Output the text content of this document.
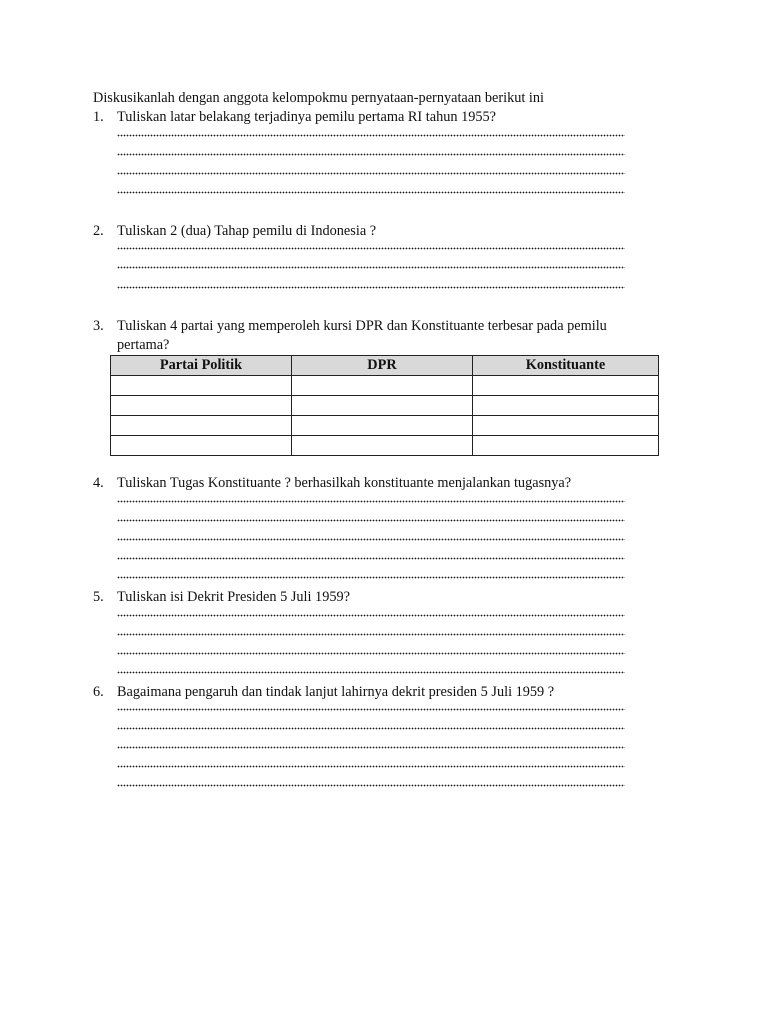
Diskusikanlah dengan anggota kelompokmu pernyataan-pernyataan berikut ini
1. Tuliskan latar belakang terjadinya pemilu pertama RI tahun 1955?
2. Tuliskan 2 (dua) Tahap pemilu di Indonesia ?
3. Tuliskan 4 partai yang memperoleh kursi DPR dan Konstituante terbesar pada pemilu
pertama?
Partai Politik	DPR	Konstituante

4. Tuliskan Tugas Konstituante ? berhasilkah konstituante menjalankan tugasnya?
5. Tuliskan isi Dekrit Presiden 5 Juli 1959?
6. Bagaimana pengaruh dan tindak lanjut lahirnya dekrit presiden 5 Juli 1959 ?
